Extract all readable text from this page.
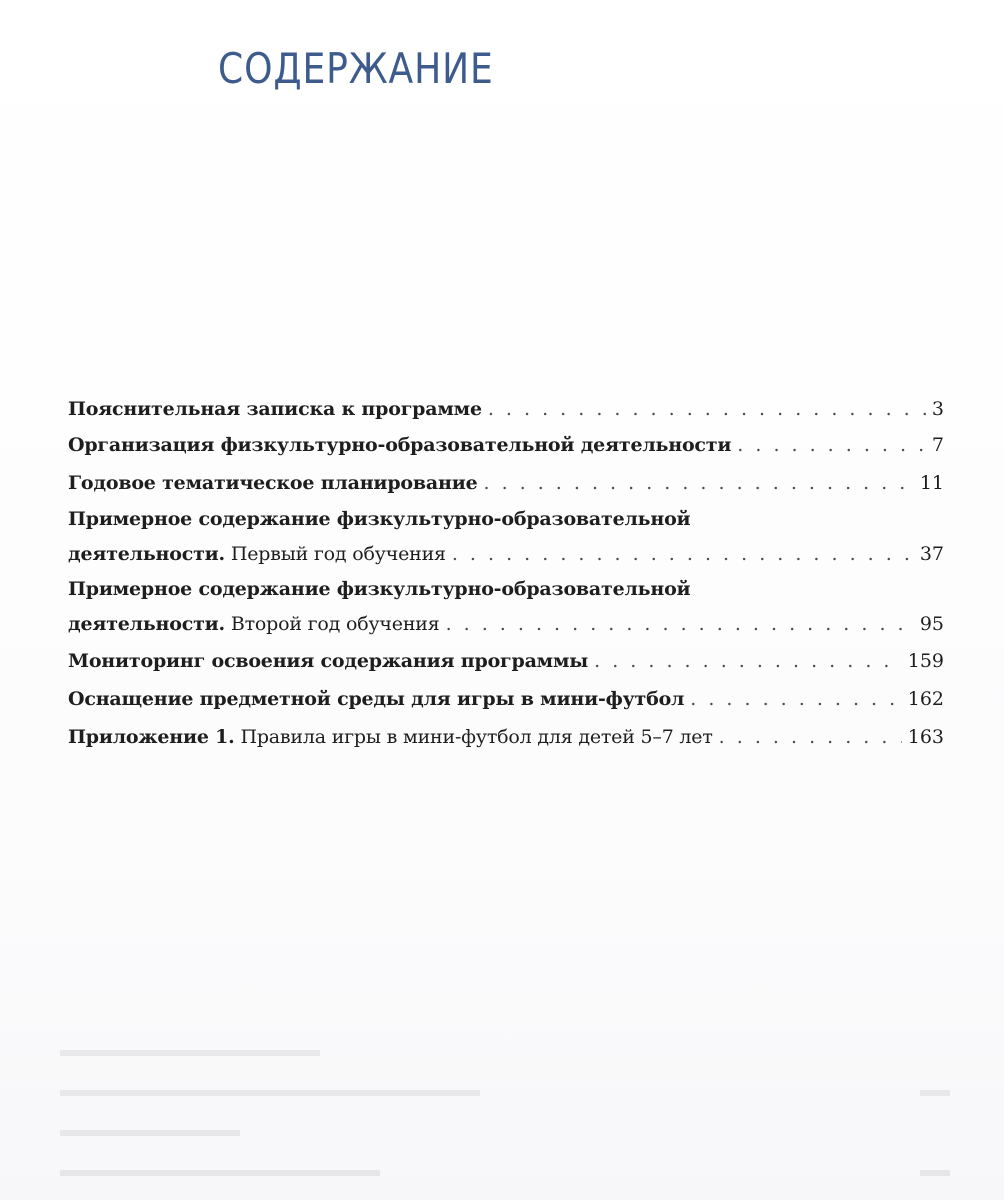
СОДЕРЖАНИЕ
Пояснительная записка к программе . . .	3
Организация физкультурно-образовательной деятельности . . .	7
Годовое тематическое планирование . . .	11
Примерное содержание физкультурно-образовательной
деятельности. Первый год обучения . . .	37
Примерное содержание физкультурно-образовательной
деятельности. Второй год обучения . . .	95
Мониторинг освоения содержания программы . . .	159
Оснащение предметной среды для игры в мини-футбол . . .	162
Приложение 1. Правила игры в мини-футбол для детей 5–7 лет . . .	163
